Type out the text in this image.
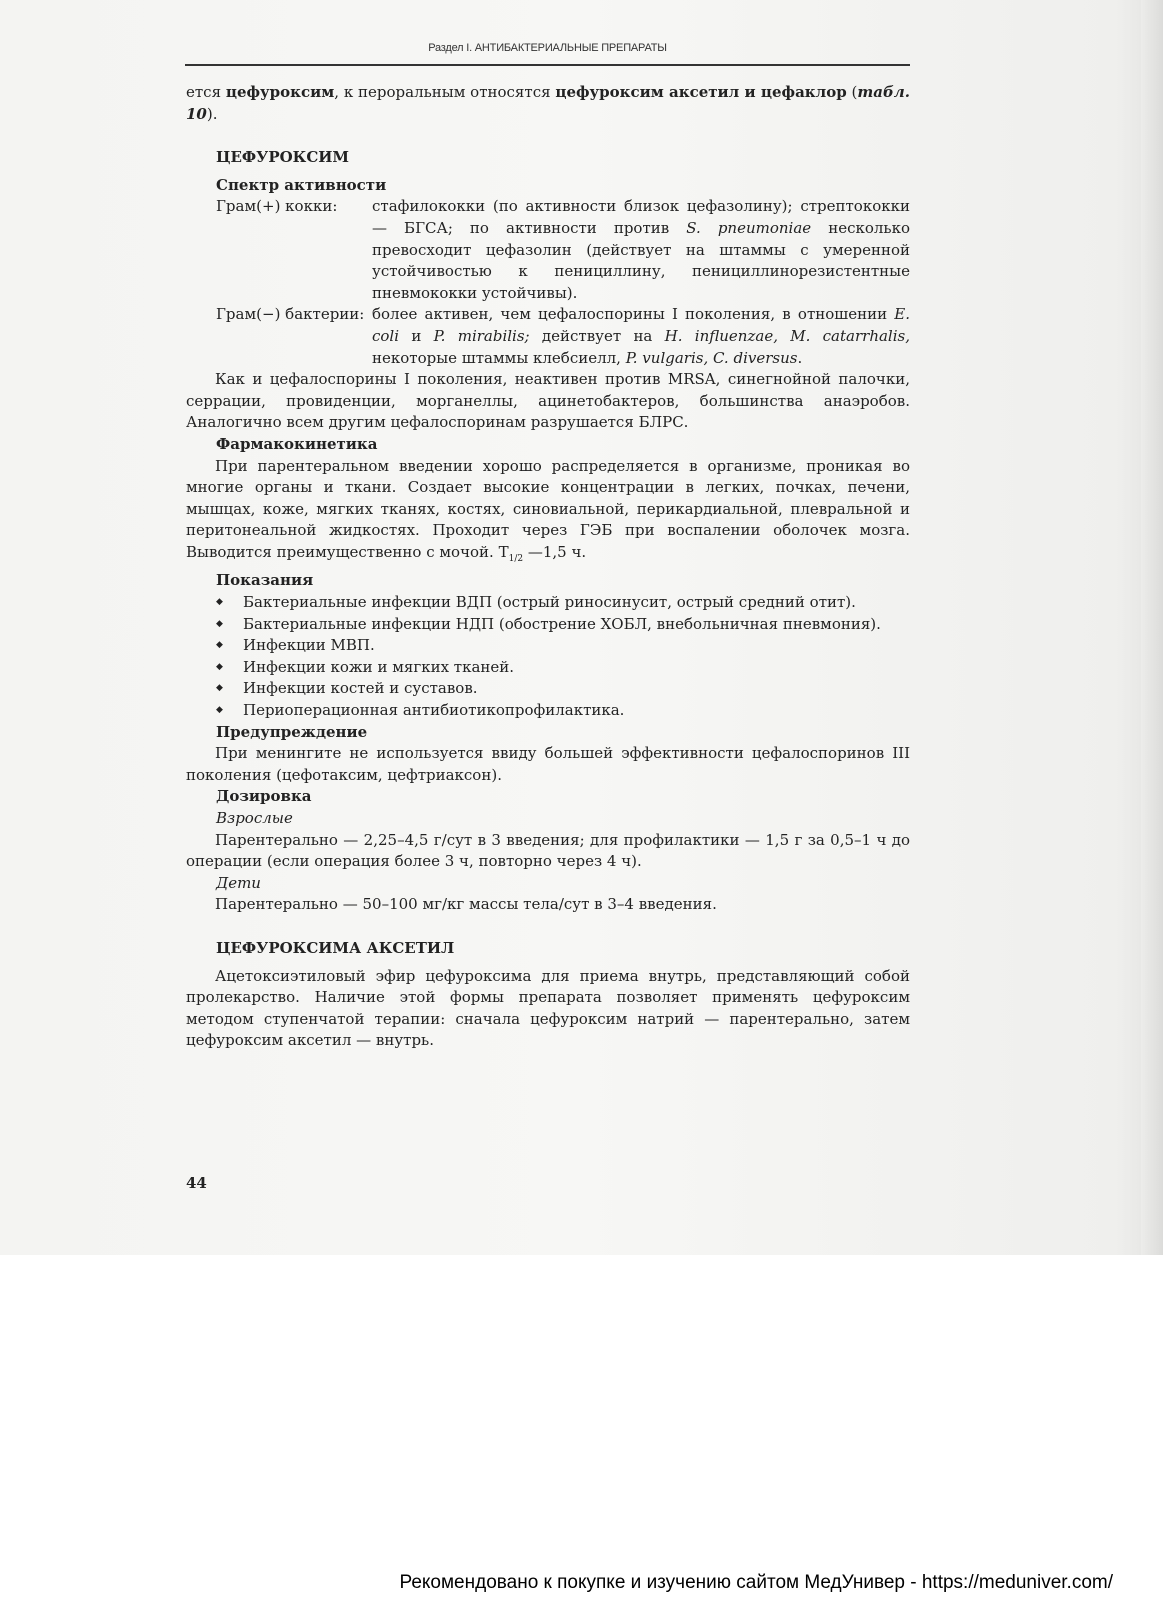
Раздел I. АНТИБАКТЕРИАЛЬНЫЕ ПРЕПАРАТЫ

ется цефуроксим, к пероральным относятся цефуроксим аксетил и цефаклор (табл. 10).

ЦЕФУРОКСИМ
Спектр активности
Грам(+) кокки:	стафилококки (по активности близок цефазолину); стрептококки — БГСА; по активности против S. pneumoniae несколько превосходит цефазолин (действует на штаммы с умеренной устойчивостью к пенициллину, пенициллинорезистентные пневмококки устойчивы).
Грам(−) бактерии: более активен, чем цефалоспорины I поколения, в отношении E. coli и P. mirabilis; действует на H. influenzae, M. catarrhalis, некоторые штаммы клебсиелл, P. vulgaris, C. diversus.

Как и цефалоспорины I поколения, неактивен против MRSA, синегнойной палочки, серрации, провиденции, морганеллы, ацинетобактеров, большинства анаэробов. Аналогично всем другим цефалоспоринам разрушается БЛРС.

Фармакокинетика

При парентеральном введении хорошо распределяется в организме, проникая во многие органы и ткани. Создает высокие концентрации в легких, почках, печени, мышцах, коже, мягких тканях, костях, синовиальной, перикардиальной, плевральной и перитонеальной жидкостях. Проходит через ГЭБ при воспалении оболочек мозга. Выводится преимущественно с мочой. $T_{1/2}$ —1,5 ч.

Показания
◆	Бактериальные инфекции ВДП (острый риносинусит, острый средний отит).
◆	Бактериальные инфекции НДП (обострение ХОБЛ, внебольничная пневмония).
◆	Инфекции МВП.
◆	Инфекции кожи и мягких тканей.
◆	Инфекции костей и суставов.
◆	Периоперационная антибиотикопрофилактика.
Предупреждение

При менингите не используется ввиду большей эффективности цефалоспоринов III поколения (цефотаксим, цефтриаксон).

Дозировка
Взрослые

Парентерально — 2,25–4,5 г/сут в 3 введения; для профилактики — 1,5 г за 0,5–1 ч до операции (если операция более 3 ч, повторно через 4 ч).

Дети

Парентерально — 50–100 мг/кг массы тела/сут в 3–4 введения.

ЦЕФУРОКСИМА АКСЕТИЛ

Ацетоксиэтиловый эфир цефуроксима для приема внутрь, представляющий собой пролекарство. Наличие этой формы препарата позволяет применять цефуроксим методом ступенчатой терапии: сначала цефуроксим натрий — парентерально, затем цефуроксим аксетил — внутрь.

44
Рекомендовано к покупке и изучению сайтом МедУнивер - https://meduniver.com/
